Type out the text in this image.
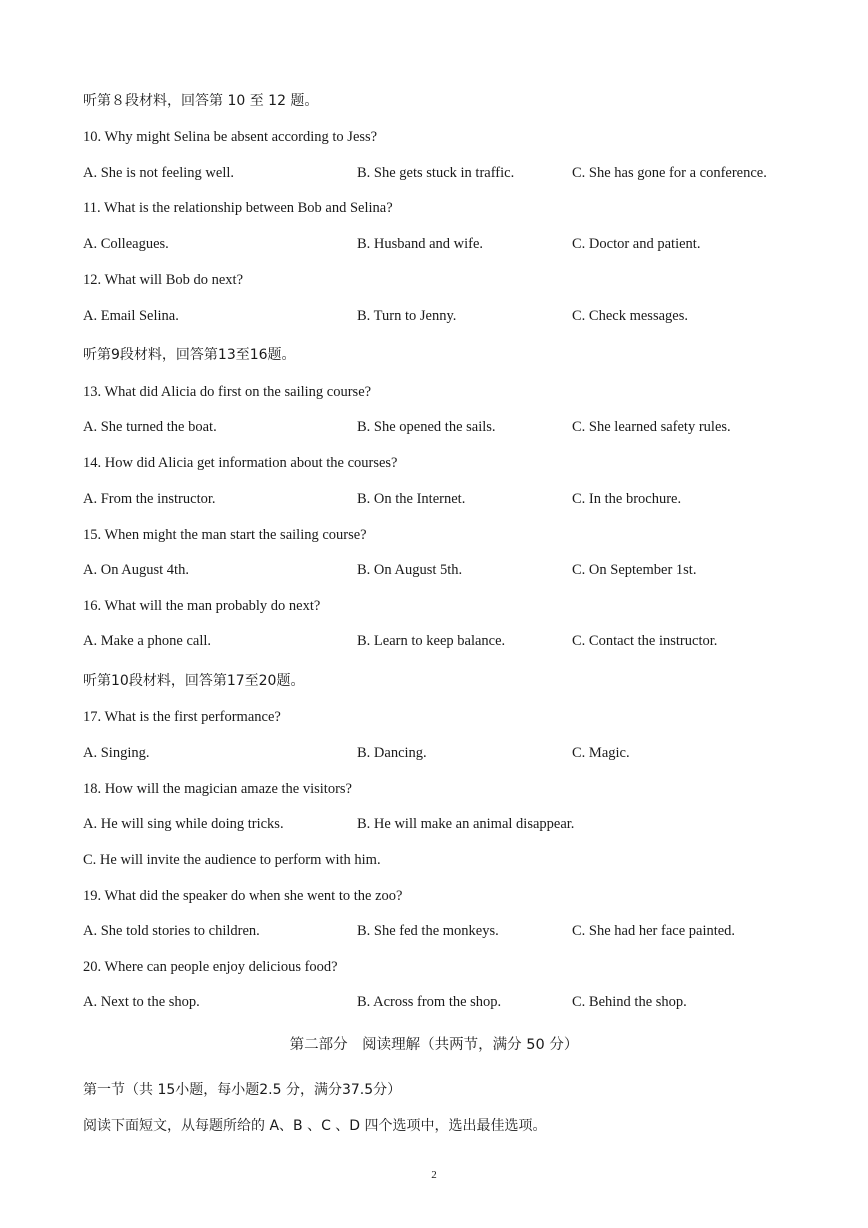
听第８段材料，回答第 10 至 12 题。
10. Why might Selina be absent according to Jess?
A. She is not feeling well.	B. She gets stuck in traffic.	C. She has gone for a conference.
11. What is the relationship between Bob and Selina?
A. Colleagues.	B. Husband and wife.	C. Doctor and patient.
12. What will Bob do next?
A. Email Selina.	B. Turn to Jenny.	C. Check messages.
听第9段材料，回答第13至16题。
13. What did Alicia do first on the sailing course?
A. She turned the boat.	B. She opened the sails.	C. She learned safety rules.
14. How did Alicia get information about the courses?
A. From the instructor.	B. On the Internet.	C. In the brochure.
15. When might the man start the sailing course?
A. On August 4th.	B. On August 5th.	C. On September 1st.
16. What will the man probably do next?
A. Make a phone call.	B. Learn to keep balance.	C. Contact the instructor.
听第10段材料，回答第17至20题。
17. What is the first performance?
A. Singing.	B. Dancing.	C. Magic.
18. How will the magician amaze the visitors?
A. He will sing while doing tricks.	B. He will make an animal disappear.
C. He will invite the audience to perform with him.
19. What did the speaker do when she went to the zoo?
A. She told stories to children.	B. She fed the monkeys.	C. She had her face painted.
20. Where can people enjoy delicious food?
A. Next to the shop.	B. Across from the shop.	C. Behind the shop.
第二部分　阅读理解（共两节，满分 50 分）
第一节（共 15小题，每小题2.5 分，满分37.5分）
阅读下面短文，从每题所给的 A、B 、C 、D 四个选项中，选出最佳选项。
2
